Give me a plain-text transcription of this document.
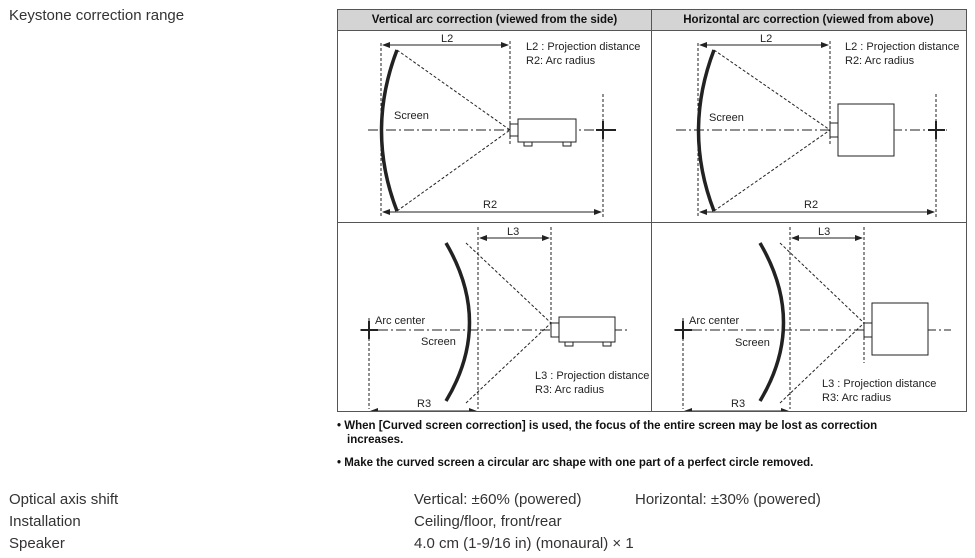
Keystone correction range	Vertical arc correction (viewed from the side)	Horizontal arc correction (viewed from above)
L2
Screen
R2
L2 : Projection distance
R2: Arc radius
L2
Screen
R2
L2 : Projection distance
R2: Arc radius
L3
Arc center
Screen
R3
L3 : Projection distance
R3: Arc radius
L3
Arc center
Screen
R3
L3 : Projection distance
R3: Arc radius
• When [Curved screen correction] is used, the focus of the entire screen may be lost as correction
increases.
• Make the curved screen a circular arc shape with one part of a perfect circle removed.
Optical axis shift	Vertical: ±60% (powered)	Horizontal: ±30% (powered)
Installation	Ceiling/floor, front/rear
Speaker	4.0 cm (1-9/16 in) (monaural) × 1
